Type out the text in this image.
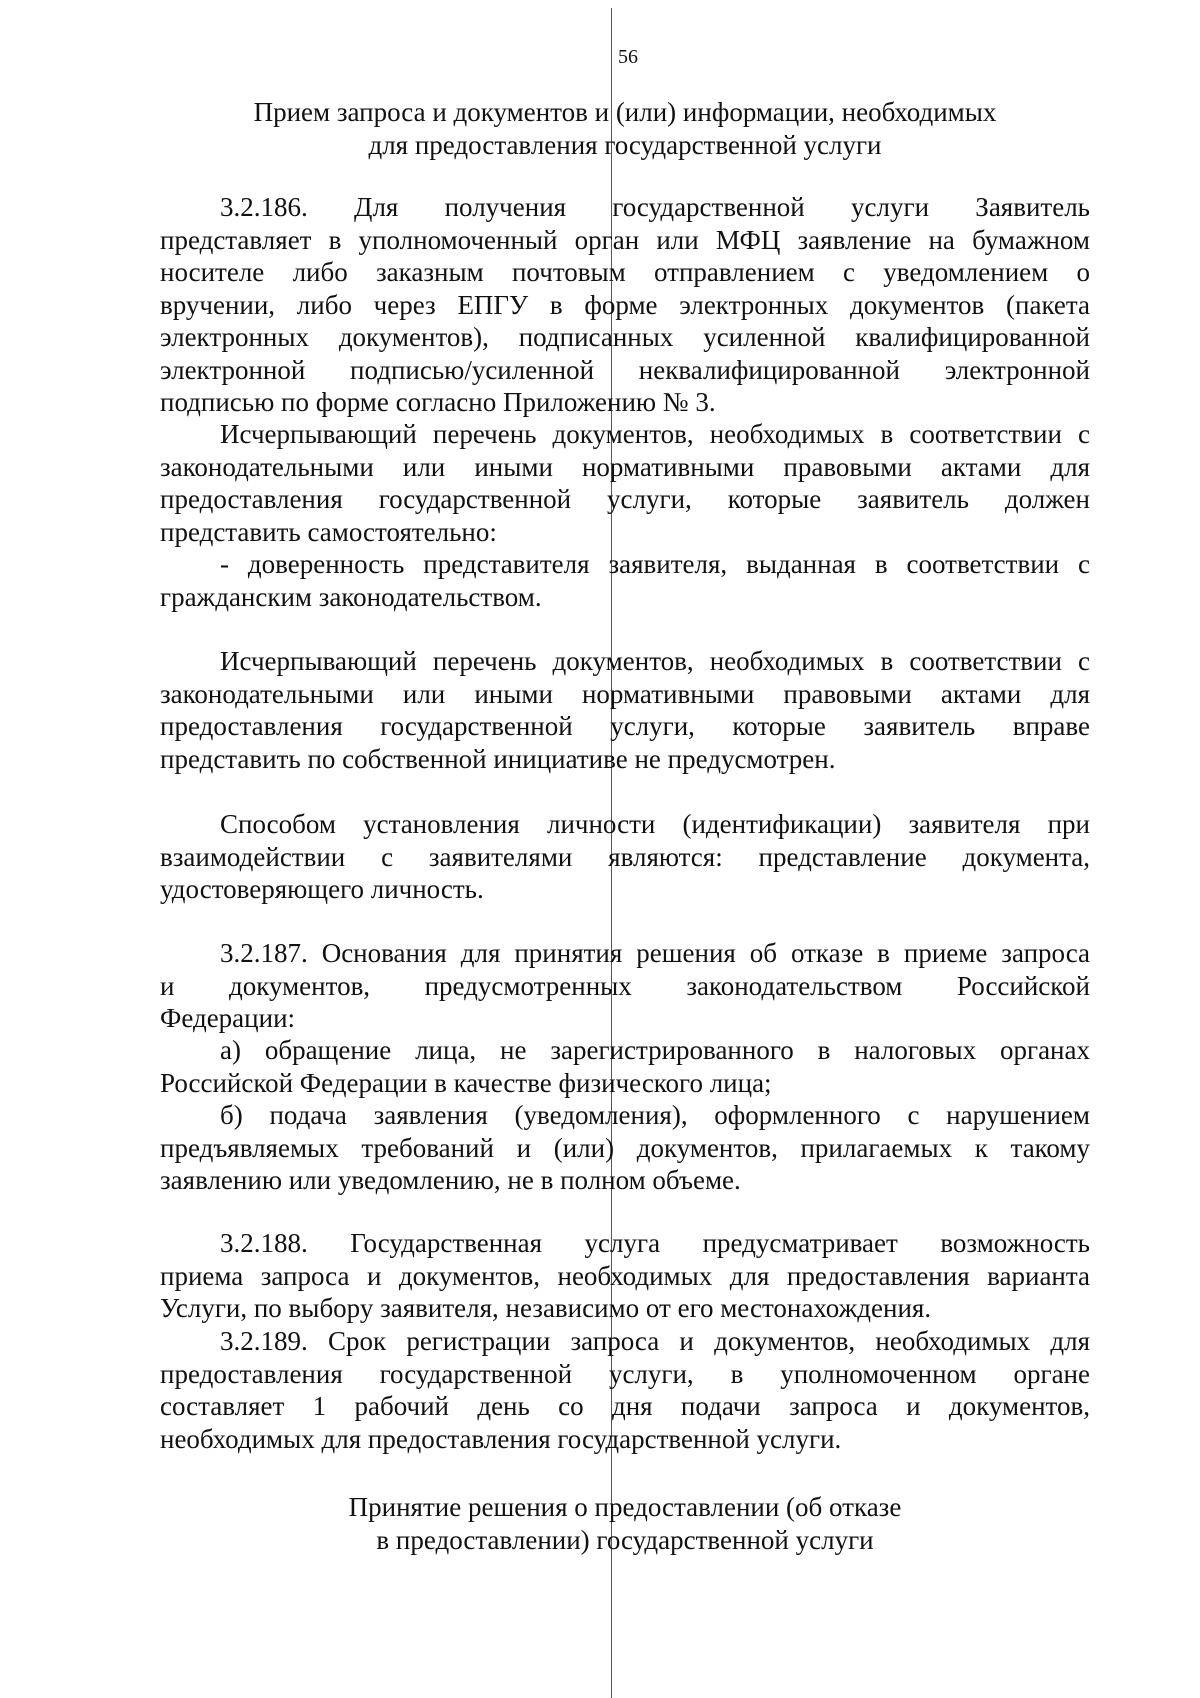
56
Прием запроса и документов и (или) информации, необходимых
для предоставления государственной услуги
3.2.186. Для получения государственной услуги Заявитель
представляет в уполномоченный орган или МФЦ заявление на бумажном
носителе либо заказным почтовым отправлением с уведомлением о
вручении, либо через ЕПГУ в форме электронных документов (пакета
электронных документов), подписанных усиленной квалифицированной
электронной подписью/усиленной неквалифицированной электронной
подписью по форме согласно Приложению № 3.
Исчерпывающий перечень документов, необходимых в соответствии с
законодательными или иными нормативными правовыми актами для
предоставления государственной услуги, которые заявитель должен
представить самостоятельно:
- доверенность представителя заявителя, выданная в соответствии с
гражданским законодательством.
Исчерпывающий перечень документов, необходимых в соответствии с
законодательными или иными нормативными правовыми актами для
предоставления государственной услуги, которые заявитель вправе
представить по собственной инициативе не предусмотрен.
Способом установления личности (идентификации) заявителя при
взаимодействии с заявителями являются: представление документа,
удостоверяющего личность.
3.2.187. Основания для принятия решения об отказе в приеме запроса
и документов, предусмотренных законодательством Российской
Федерации:
а) обращение лица, не зарегистрированного в налоговых органах
Российской Федерации в качестве физического лица;
б) подача заявления (уведомления), оформленного с нарушением
предъявляемых требований и (или) документов, прилагаемых к такому
заявлению или уведомлению, не в полном объеме.
3.2.188. Государственная услуга предусматривает возможность
приема запроса и документов, необходимых для предоставления варианта
Услуги, по выбору заявителя, независимо от его местонахождения.
3.2.189. Срок регистрации запроса и документов, необходимых для
предоставления государственной услуги, в уполномоченном органе
составляет 1 рабочий день со дня подачи запроса и документов,
необходимых для предоставления государственной услуги.
Принятие решения о предоставлении (об отказе
в предоставлении) государственной услуги
